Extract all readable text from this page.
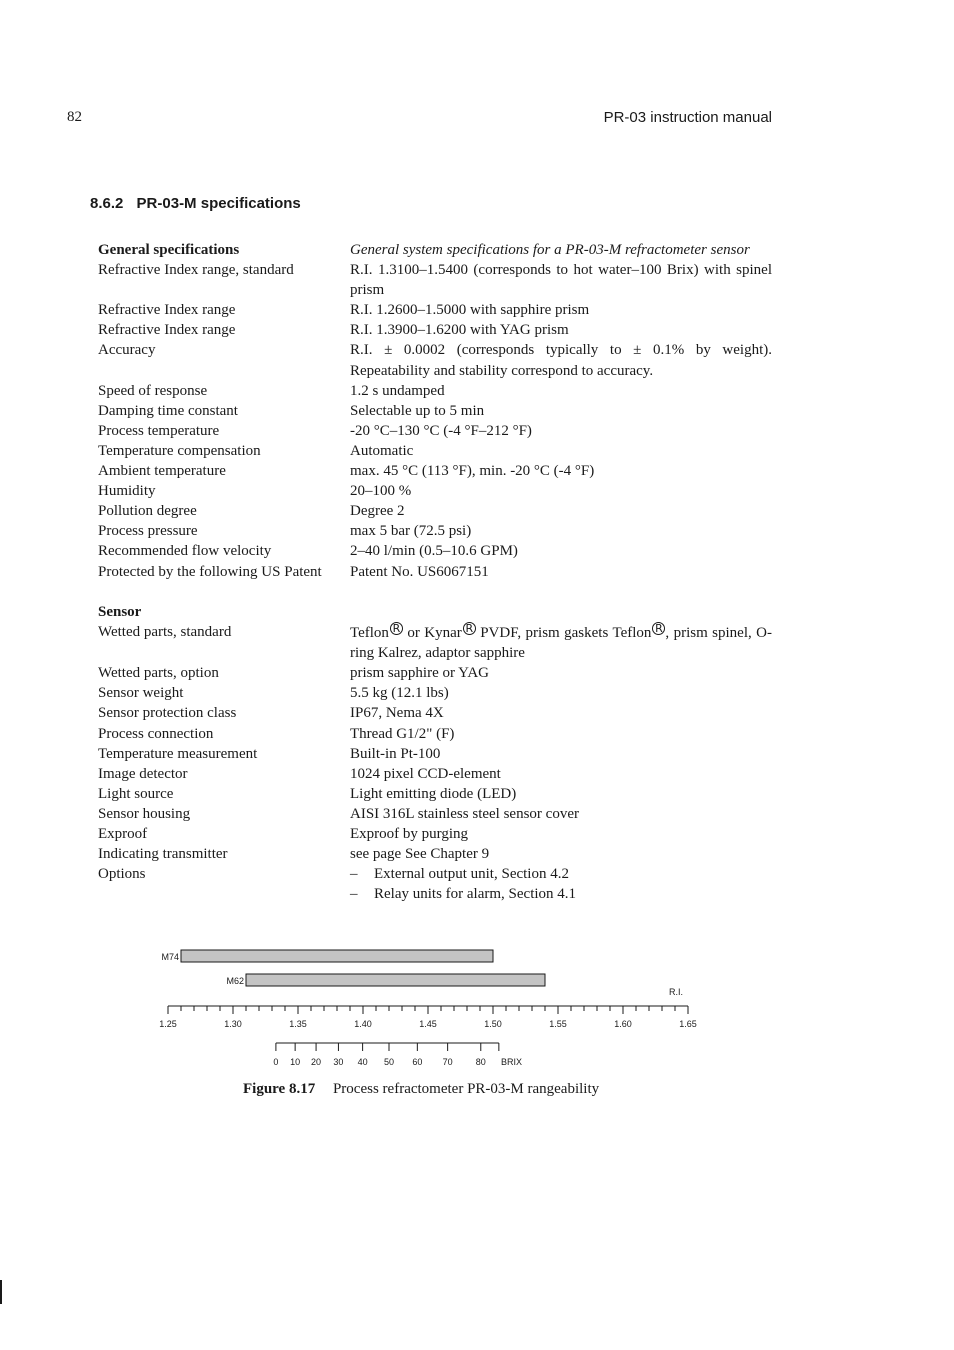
82	PR-03 instruction manual
8.6.2 PR-03-M specifications
General specifications	General system specifications for a PR-03-M refractometer sensor
Refractive Index range, standard	R.I. 1.3100–1.5400 (corresponds to hot water–100 Brix) with spinel prism
Refractive Index range	R.I. 1.2600–1.5000 with sapphire prism
Refractive Index range	R.I. 1.3900–1.6200 with YAG prism
Accuracy	R.I. ± 0.0002 (corresponds typically to ± 0.1% by weight). Repeatability and stability correspond to accuracy.
Speed of response	1.2 s undamped
Damping time constant	Selectable up to 5 min
Process temperature	-20 °C–130 °C (-4 °F–212 °F)
Temperature compensation	Automatic
Ambient temperature	max. 45 °C (113 °F), min. -20 °C (-4 °F)
Humidity	20–100 %
Pollution degree	Degree 2
Process pressure	max 5 bar (72.5 psi)
Recommended flow velocity	2–40 l/min (0.5–10.6 GPM)
Protected by the following US Patent	Patent No. US6067151
Sensor
Wetted parts, standard	Teflon R or Kynar R PVDF, prism gaskets Teflon R , prism spinel, O-ring Kalrez, adaptor sapphire
Wetted parts, option	prism sapphire or YAG
Sensor weight	5.5 kg (12.1 lbs)
Sensor protection class	IP67, Nema 4X
Process connection	Thread G1/2" (F)
Temperature measurement	Built-in Pt-100
Image detector	1024 pixel CCD-element
Light source	Light emitting diode (LED)
Sensor housing	AISI 316L stainless steel sensor cover
Exproof	Exproof by purging
Indicating transmitter	see page See Chapter 9
Options	–	External output unit, Section 4.2
–	Relay units for alarm, Section 4.1
M74
M62
1.25	1.30	1.35	1.40	1.45	1.50	1.55	1.60	1.65
R.I.
0 10 20 30 40 50 60 70	80 BRIX
Figure 8.17 Process refractometer PR-03-M rangeability
